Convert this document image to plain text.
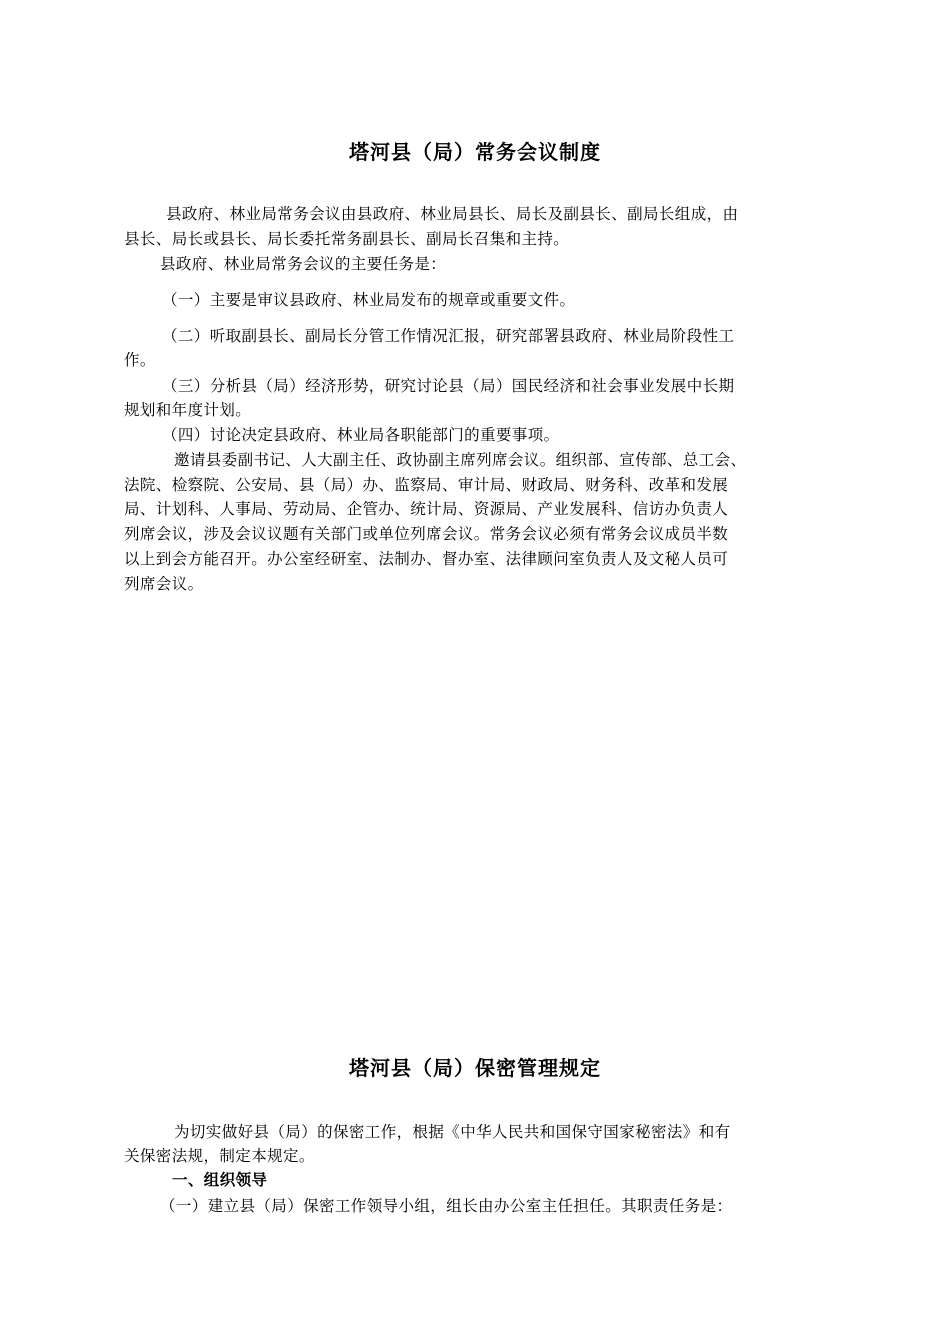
塔河县（局）常务会议制度
县政府、林业局常务会议由县政府、林业局县长、局长及副县长、副局长组成，由
县长、局长或县长、局长委托常务副县长、副局长召集和主持。
县政府、林业局常务会议的主要任务是：
（一）主要是审议县政府、林业局发布的规章或重要文件。
（二）听取副县长、副局长分管工作情况汇报，研究部署县政府、林业局阶段性工
作。
（三）分析县（局）经济形势，研究讨论县（局）国民经济和社会事业发展中长期
规划和年度计划。
（四）讨论决定县政府、林业局各职能部门的重要事项。
邀请县委副书记、人大副主任、政协副主席列席会议。组织部、宣传部、总工会、
法院、检察院、公安局、县（局）办、监察局、审计局、财政局、财务科、改革和发展
局、计划科、人事局、劳动局、企管办、统计局、资源局、产业发展科、信访办负责人
列席会议，涉及会议议题有关部门或单位列席会议。常务会议必须有常务会议成员半数
以上到会方能召开。办公室经研室、法制办、督办室、法律顾问室负责人及文秘人员可
列席会议。
塔河县（局）保密管理规定
为切实做好县（局）的保密工作，根据《中华人民共和国保守国家秘密法》和有
关保密法规，制定本规定。
一、组织领导
（一）建立县（局）保密工作领导小组，组长由办公室主任担任。其职责任务是：
